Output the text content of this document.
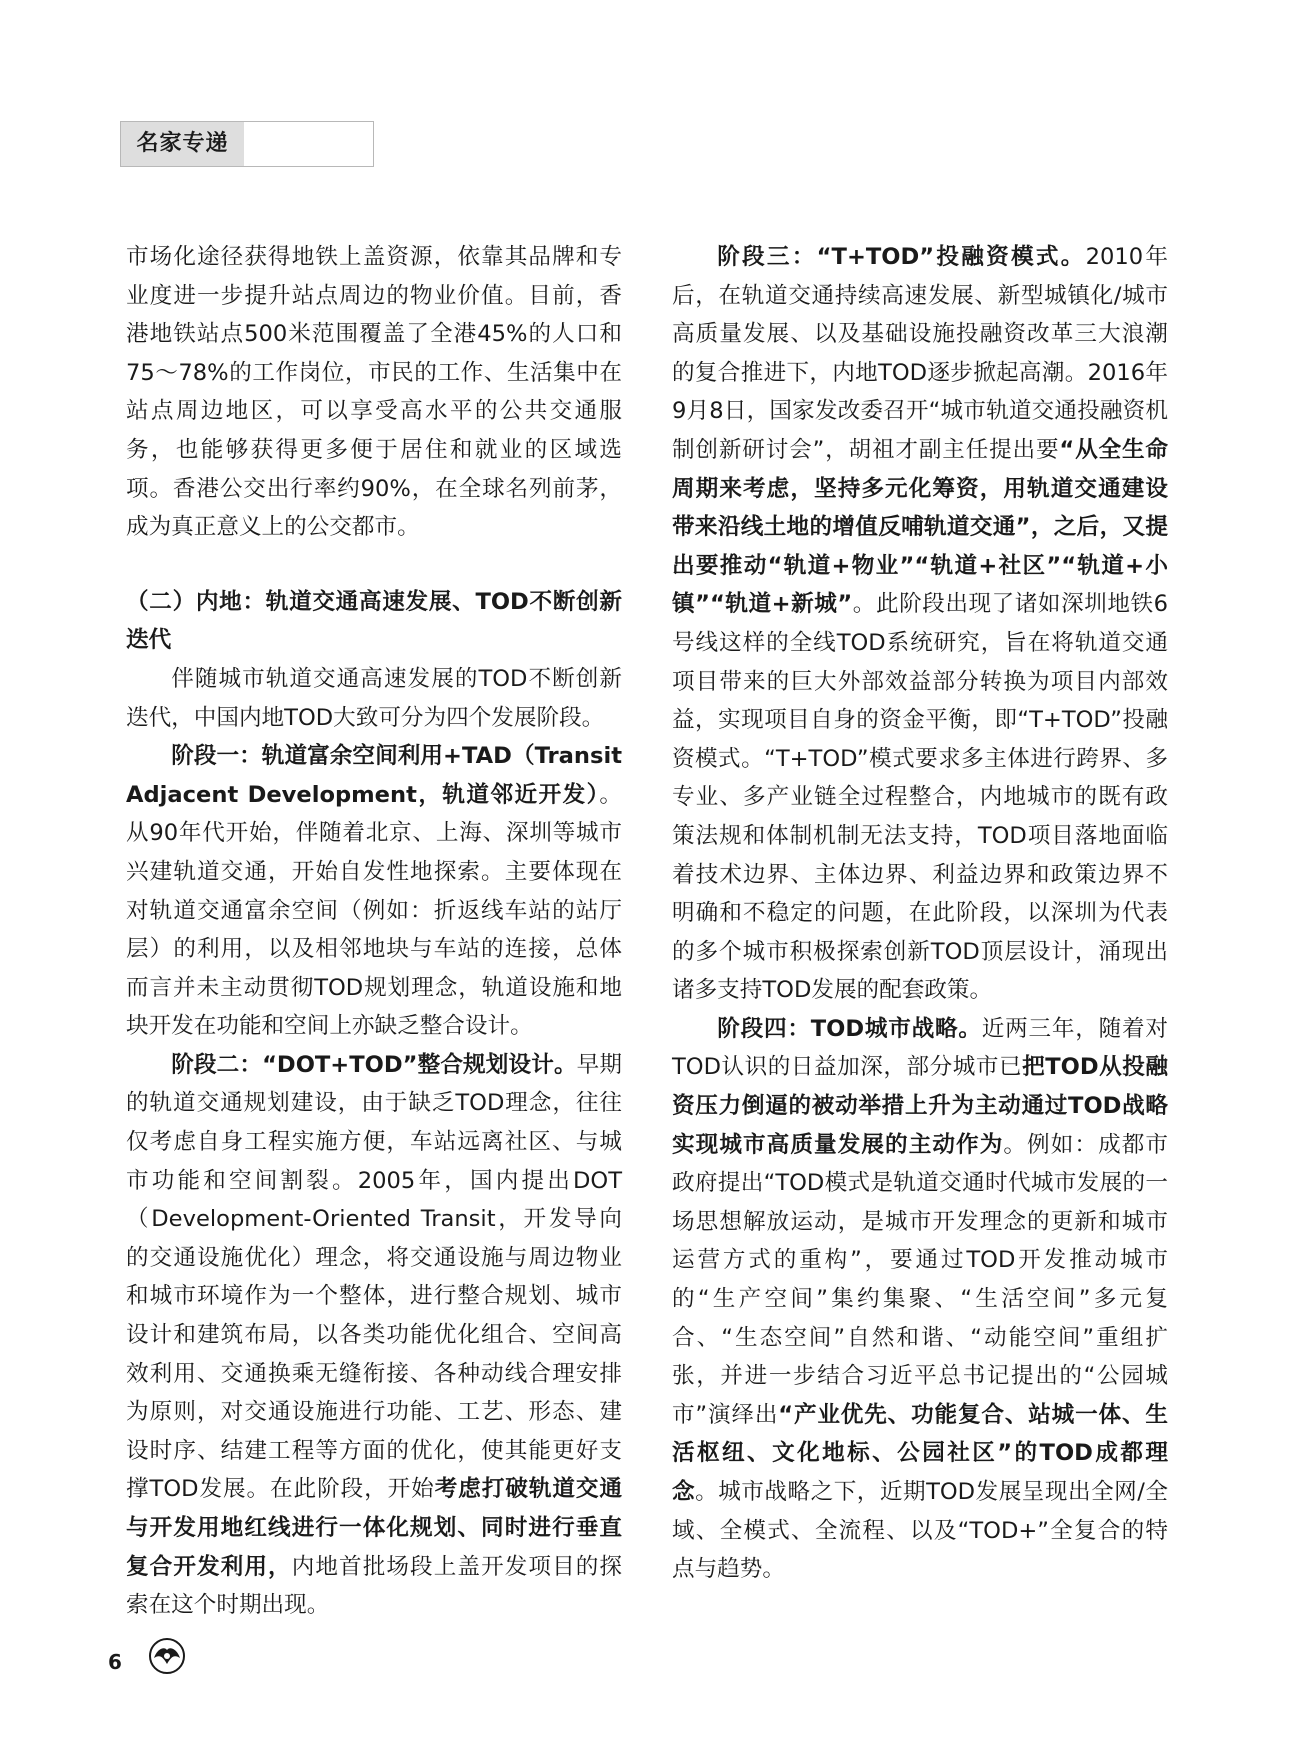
名家专递

市场化途径获得地铁上盖资源，依靠其品牌和专业度进一步提升站点周边的物业价值。目前，香港地铁站点500米范围覆盖了全港45%的人口和75～78%的工作岗位，市民的工作、生活集中在站点周边地区，可以享受高水平的公共交通服务，也能够获得更多便于居住和就业的区域选项。香港公交出行率约90%，在全球名列前茅，成为真正意义上的公交都市。

（二）内地：轨道交通高速发展、TOD不断创新迭代

伴随城市轨道交通高速发展的TOD不断创新迭代，中国内地TOD大致可分为四个发展阶段。

阶段一：轨道富余空间利用+TAD（Transit Adjacent Development，轨道邻近开发）。从90年代开始，伴随着北京、上海、深圳等城市兴建轨道交通，开始自发性地探索。主要体现在对轨道交通富余空间（例如：折返线车站的站厅层）的利用，以及相邻地块与车站的连接，总体而言并未主动贯彻TOD规划理念，轨道设施和地块开发在功能和空间上亦缺乏整合设计。

阶段二：“DOT+TOD”整合规划设计。早期的轨道交通规划建设，由于缺乏TOD理念，往往仅考虑自身工程实施方便，车站远离社区、与城市功能和空间割裂。2005年，国内提出DOT（Development-Oriented Transit，开发导向的交通设施优化）理念，将交通设施与周边物业和城市环境作为一个整体，进行整合规划、城市设计和建筑布局，以各类功能优化组合、空间高效利用、交通换乘无缝衔接、各种动线合理安排为原则，对交通设施进行功能、工艺、形态、建设时序、结建工程等方面的优化，使其能更好支撑TOD发展。在此阶段，开始考虑打破轨道交通与开发用地红线进行一体化规划、同时进行垂直复合开发利用，内地首批场段上盖开发项目的探索在这个时期出现。

阶段三：“T+TOD”投融资模式。2010年后，在轨道交通持续高速发展、新型城镇化/城市高质量发展、以及基础设施投融资改革三大浪潮的复合推进下，内地TOD逐步掀起高潮。2016年9月8日，国家发改委召开“城市轨道交通投融资机制创新研讨会”，胡祖才副主任提出要“从全生命周期来考虑，坚持多元化筹资，用轨道交通建设带来沿线土地的增值反哺轨道交通”，之后，又提出要推动“轨道+物业”“轨道+社区”“轨道+小镇”“轨道+新城”。此阶段出现了诸如深圳地铁6号线这样的全线TOD系统研究，旨在将轨道交通项目带来的巨大外部效益部分转换为项目内部效益，实现项目自身的资金平衡，即“T+TOD”投融资模式。“T+TOD”模式要求多主体进行跨界、多专业、多产业链全过程整合，内地城市的既有政策法规和体制机制无法支持，TOD项目落地面临着技术边界、主体边界、利益边界和政策边界不明确和不稳定的问题，在此阶段，以深圳为代表的多个城市积极探索创新TOD顶层设计，涌现出诸多支持TOD发展的配套政策。

阶段四：TOD城市战略。近两三年，随着对TOD认识的日益加深，部分城市已把TOD从投融资压力倒逼的被动举措上升为主动通过TOD战略实现城市高质量发展的主动作为。例如：成都市政府提出“TOD模式是轨道交通时代城市发展的一场思想解放运动，是城市开发理念的更新和城市运营方式的重构”，要通过TOD开发推动城市的“生产空间”集约集聚、“生活空间”多元复合、“生态空间”自然和谐、“动能空间”重组扩张，并进一步结合习近平总书记提出的“公园城市”演绎出“产业优先、功能复合、站城一体、生活枢纽、文化地标、公园社区”的TOD成都理念。城市战略之下，近期TOD发展呈现出全网/全域、全模式、全流程、以及“TOD+”全复合的特点与趋势。

6
